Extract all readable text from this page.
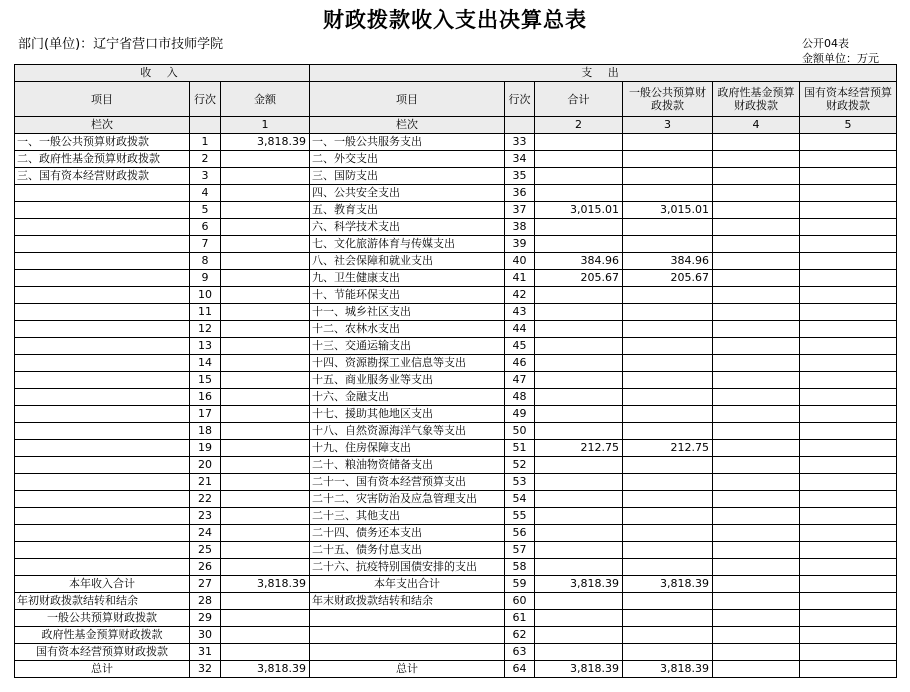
财政拨款收入支出决算总表
部门(单位)：辽宁省营口市技师学院	公开04表
金额单位：万元
收 入			支 出					
项目	行次	金额	项目	行次	合计	一般公共预算财政拨款	政府性基金预算财政拨款	国有资本经营预算财政拨款
栏次		1	栏次		2	3	4	5
一、一般公共预算财政拨款	1	3,818.39	一、一般公共服务支出	33				
二、政府性基金预算财政拨款	2		二、外交支出	34				
三、国有资本经营财政拨款	3		三、国防支出	35				
	4		四、公共安全支出	36				
	5		五、教育支出	37	3,015.01	3,015.01		
	6		六、科学技术支出	38				
	7		七、文化旅游体育与传媒支出	39				
	8		八、社会保障和就业支出	40	384.96	384.96		
	9		九、卫生健康支出	41	205.67	205.67		
	10		十、节能环保支出	42				
	11		十一、城乡社区支出	43				
	12		十二、农林水支出	44				
	13		十三、交通运输支出	45				
	14		十四、资源勘探工业信息等支出	46				
	15		十五、商业服务业等支出	47				
	16		十六、金融支出	48				
	17		十七、援助其他地区支出	49				
	18		十八、自然资源海洋气象等支出	50				
	19		十九、住房保障支出	51	212.75	212.75		
	20		二十、粮油物资储备支出	52				
	21		二十一、国有资本经营预算支出	53				
	22		二十二、灾害防治及应急管理支出	54				
	23		二十三、其他支出	55				
	24		二十四、债务还本支出	56				
	25		二十五、债务付息支出	57				
	26		二十六、抗疫特别国债安排的支出	58				
本年收入合计	27	3,818.39	本年支出合计	59	3,818.39	3,818.39		
年初财政拨款结转和结余	28		年末财政拨款结转和结余	60				
一般公共预算财政拨款	29			61				
政府性基金预算财政拨款	30			62				
国有资本经营预算财政拨款	31			63				
总计	32	3,818.39	总计	64	3,818.39	3,818.39		
